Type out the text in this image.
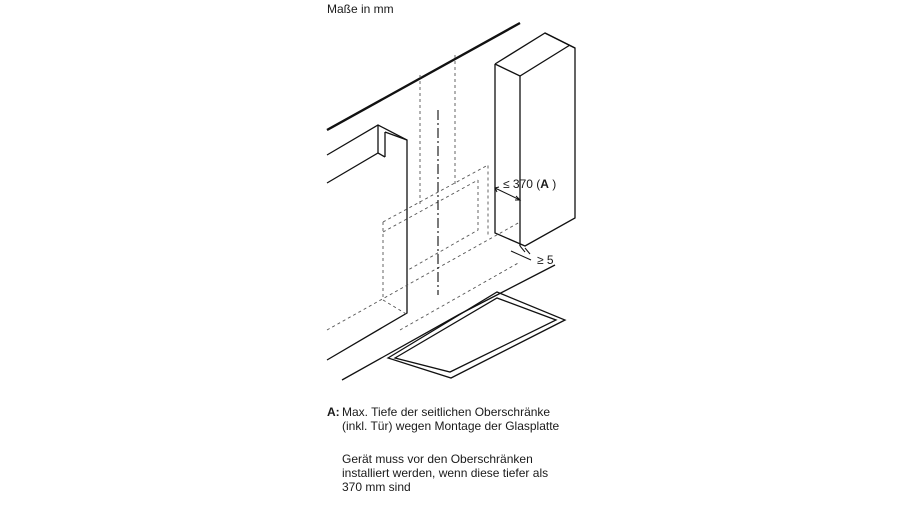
Maße in mm
≤ 370 (A )
≥ 5
A: Max. Tiefe der seitlichen Oberschränke
(inkl. Tür) wegen Montage der Glasplatte
Gerät muss vor den Oberschränken
installiert werden, wenn diese tiefer als
370 mm sind
